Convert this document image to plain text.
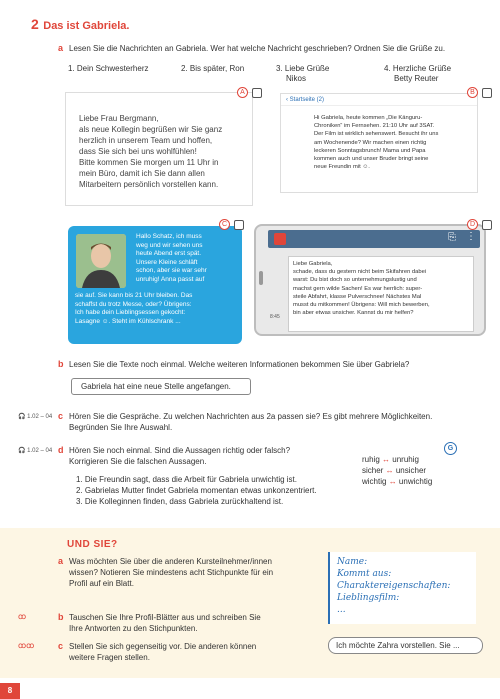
2 Das ist Gabriela.
a Lesen Sie die Nachrichten an Gabriela. Wer hat welche Nachricht geschrieben? Ordnen Sie die Grüße zu.
1. Dein Schwesterherz	2. Bis später, Ron	3. Liebe Grüße
Nikos
4. Herzliche Grüße
Betty Reuter
Liebe Frau Bergmann,
als neue Kollegin begrüßen wir Sie ganz
herzlich in unserem Team und hoffen,
dass Sie sich bei uns wohlfühlen!
Bitte kommen Sie morgen um 11 Uhr in
mein Büro, damit ich Sie dann allen
Mitarbeitern persönlich vorstellen kann.
A
‹ Startseite (2)
Hi Gabriela, heute kommen „Die Känguru-
Chroniken“ im Fernsehen. 21:10 Uhr auf 3SAT.
Der Film ist wirklich sehenswert. Besucht ihr uns
am Wochenende? Wir machen einen richtig
leckeren Sonntagsbrunch! Mama und Papa
kommen auch und unser Bruder bringt seine
neue Freundin mit ☺.
B
Hallo Schatz, ich muss
weg und wir sehen uns
heute Abend erst spät.
Unsere Kleine schläft
schon, aber sie war sehr
unruhig! Anna passt auf
sie auf. Sie kann bis 21 Uhr bleiben. Das
schaffst du trotz Messe, oder? Übrigens:
Ich habe dein Lieblingsessen gekocht:
Lasagne ☺. Steht im Kühlschrank ...
C
⎘ ⋮
8:45
Liebe Gabriela,
schade, dass du gestern nicht beim Skifahren dabei
warst: Du bist doch so unternehmungslustig und
machst gern wilde Sachen! Es war herrlich: super-
steile Abfahrt, klasse Pulverschnee! Nächstes Mal
musst du mitkommen! Übrigens: Will mich bewerben,
bin aber etwas unsicher. Kannst du mir helfen?
D
b Lesen Sie die Texte noch einmal. Welche weiteren Informationen bekommen Sie über Gabriela?
Gabriela hat eine neue Stelle angefangen.
🎧 1.02 – 04 c Hören Sie die Gespräche. Zu welchen Nachrichten aus 2a passen sie? Es gibt mehrere Möglichkeiten.
Begründen Sie Ihre Auswahl.
🎧 1.02 – 04 d Hören Sie noch einmal. Sind die Aussagen richtig oder falsch?
Korrigieren Sie die falschen Aussagen.
1. Die Freundin sagt, dass die Arbeit für Gabriela unwichtig ist.
2. Gabrielas Mutter findet Gabriela momentan etwas unkonzentriert.
3. Die Kolleginnen finden, dass Gabriela zurückhaltend ist.
G
ruhig ↔ unruhig
sicher ↔ unsicher
wichtig ↔ unwichtig
UND SIE?
a Was möchten Sie über die anderen Kursteilnehmer/innen
wissen? Notieren Sie mindestens acht Stichpunkte für ein
Profil auf ein Blatt.
ꝏ	b Tauschen Sie Ihre Profil-Blätter aus und schreiben Sie
Ihre Antworten zu den Stichpunkten.
ꝏꝏ	c Stellen Sie sich gegenseitig vor. Die anderen können
weitere Fragen stellen.
Name:
Kommt aus:
Charaktereigenschaften:
Lieblingsfilm:
...
Ich möchte Zahra vorstellen. Sie ...
8
